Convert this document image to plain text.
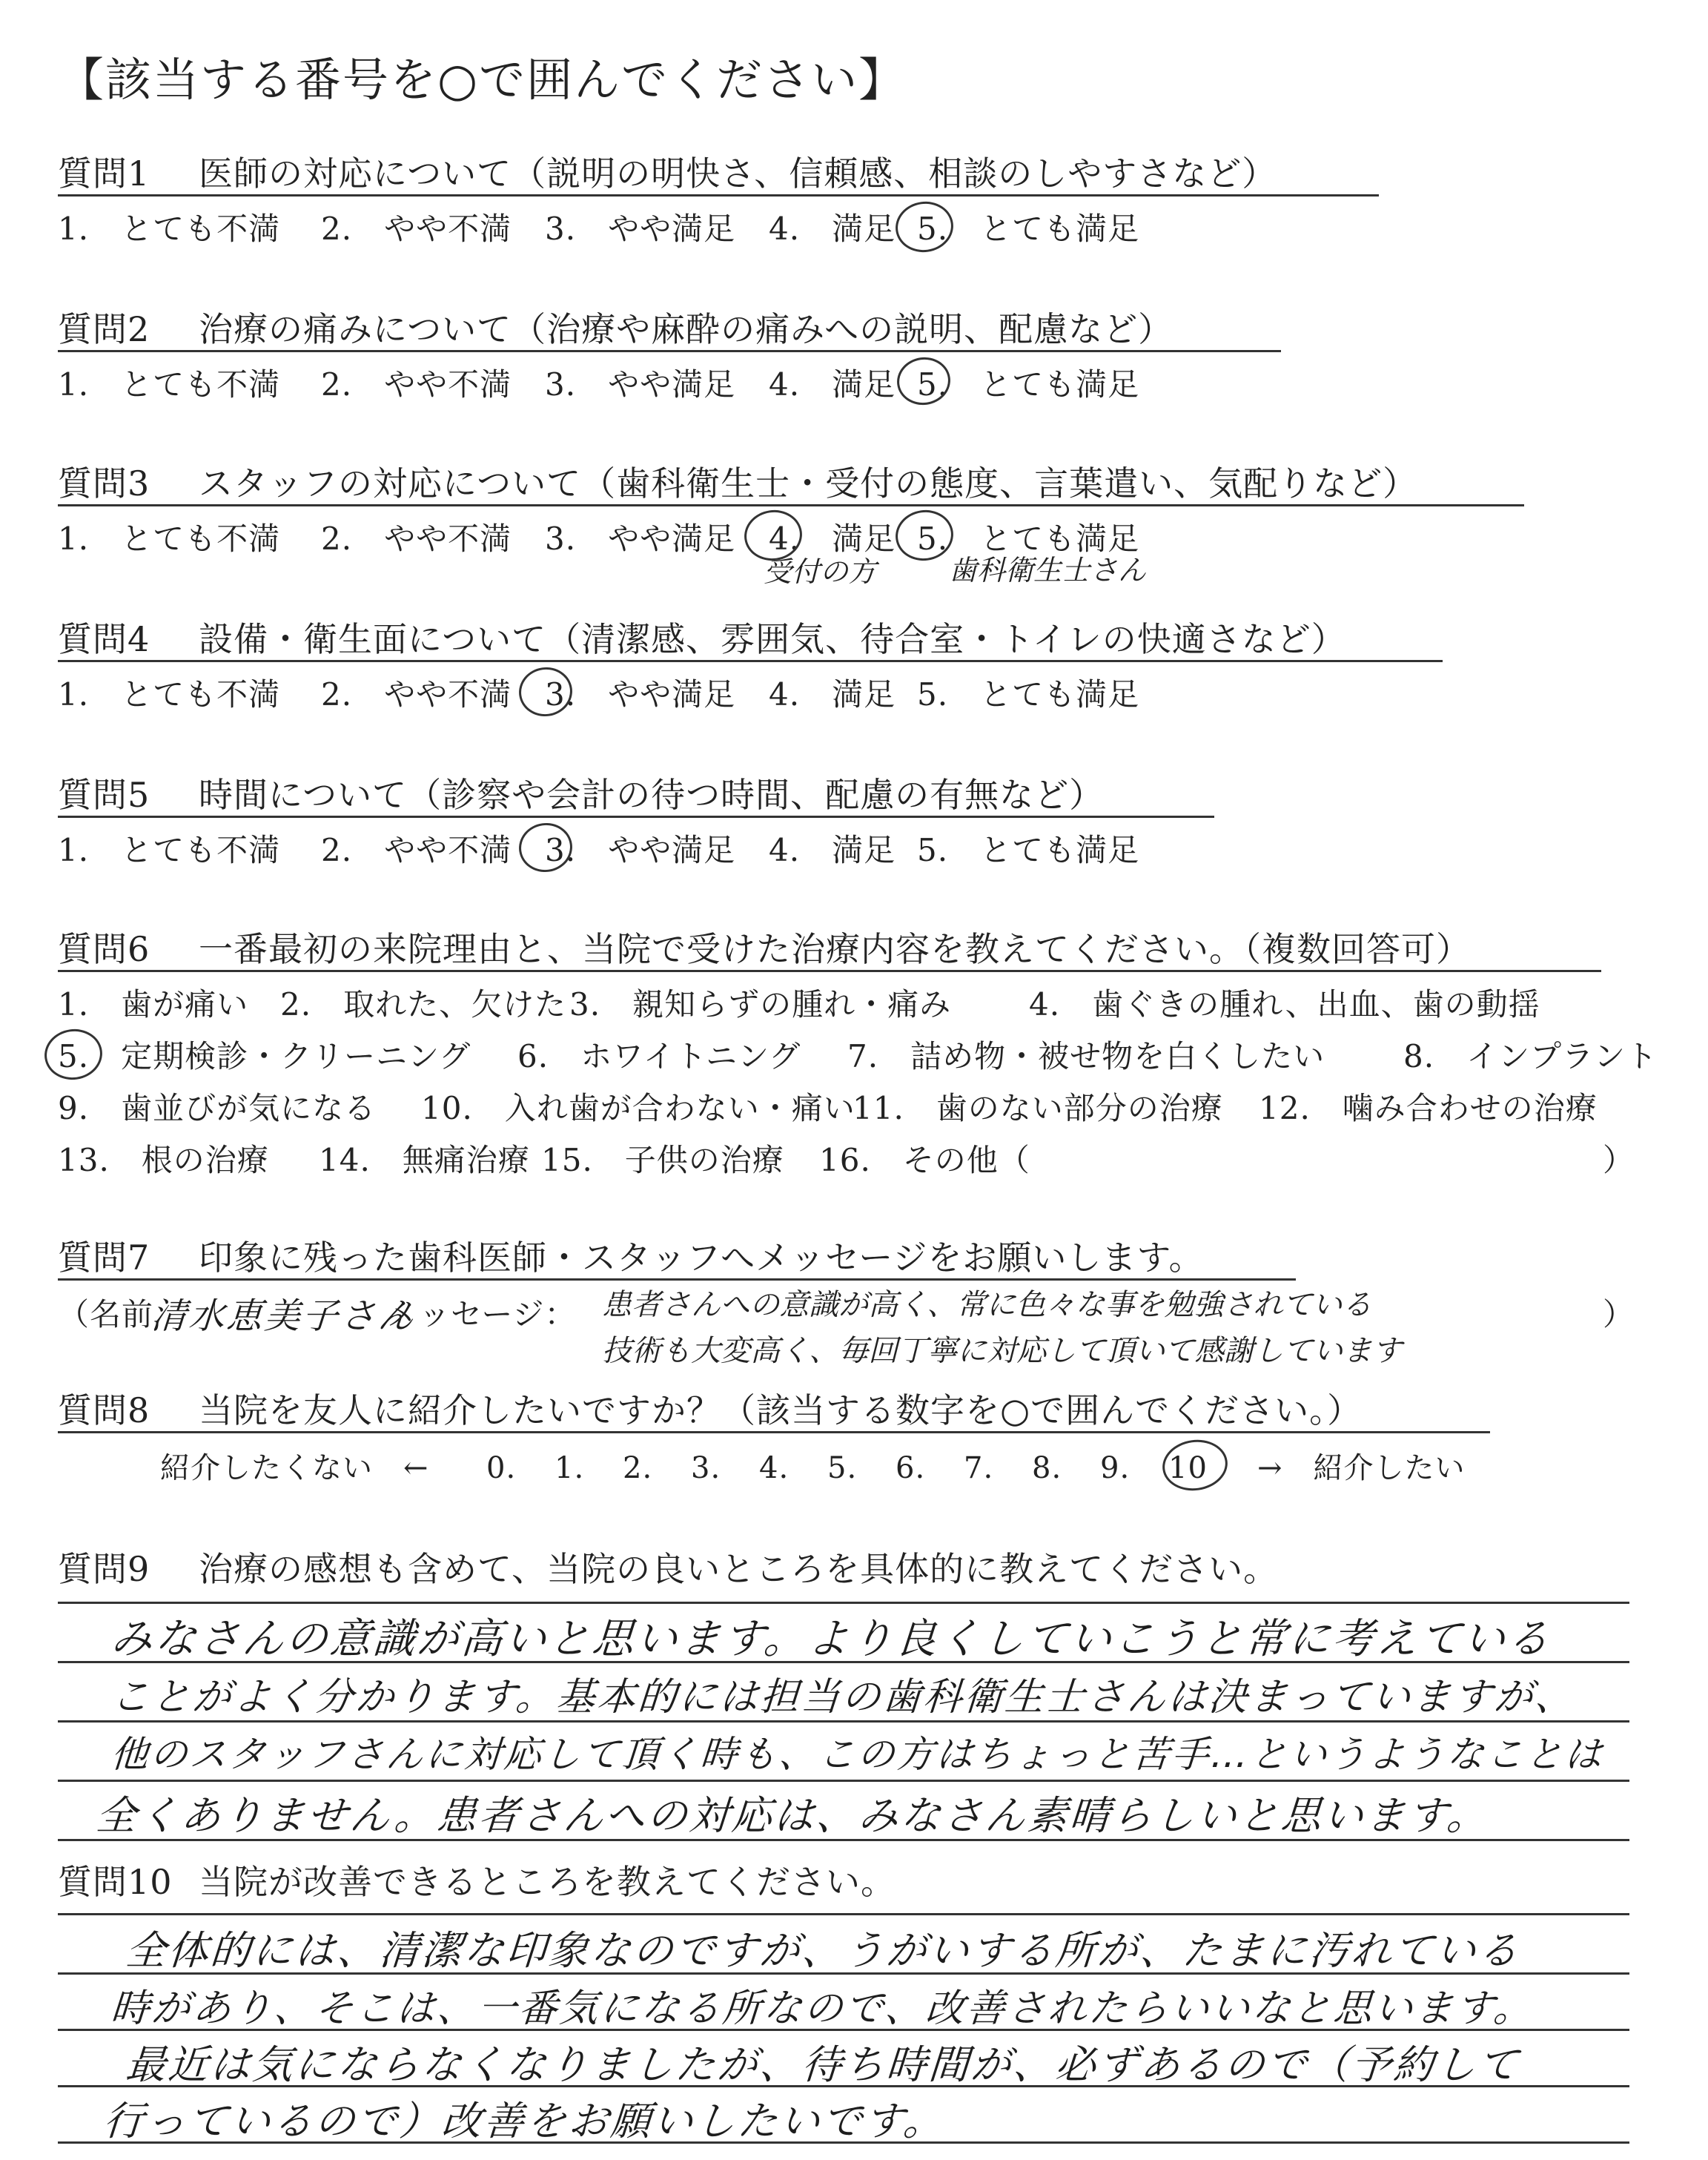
【該当する番号を○で囲んでください】
質問1 医師の対応について（説明の明快さ、信頼感、相談のしやすさなど）
1.　とても不満 2.　やや不満 3.　やや満足 4.　満足 5.　とても満足
質問2 治療の痛みについて（治療や麻酔の痛みへの説明、配慮など）
1.　とても不満 2.　やや不満 3.　やや満足 4.　満足 5.　とても満足
質問3 スタッフの対応について（歯科衛生士・受付の態度、言葉遣い、気配りなど）
1.　とても不満 2.　やや不満 3.　やや満足 4.　満足 5.　とても満足
受付の方	歯科衛生士さん
質問4 設備・衛生面について（清潔感、雰囲気、待合室・トイレの快適さなど）
1.　とても不満 2.　やや不満 3.　やや満足 4.　満足 5.　とても満足
質問5 時間について（診察や会計の待つ時間、配慮の有無など）
1.　とても不満 2.　やや不満 3.　やや満足 4.　満足 5.　とても満足
質問6 一番最初の来院理由と、当院で受けた治療内容を教えてください。（複数回答可）
1.　歯が痛い 2.　取れた、欠けた3.　親知らずの腫れ・痛み 4.　歯ぐきの腫れ、出血、歯の動揺
5.　定期検診・クリーニング 6.　ホワイトニング 7.　詰め物・被せ物を白くしたい	8.　インプラント
9.　歯並びが気になる 10.　入れ歯が合わない・痛い11.　歯のない部分の治療 12.　噛み合わせの治療
13.　根の治療 14.　無痛治療 15.　子供の治療 16.　その他（	）
質問7 印象に残った歯科医師・スタッフへメッセージをお願いします。
（名前
清水恵美子さん
メッセージ： 患者さんへの意識が高く、常に色々な事を勉強されている
技術も大変高く、毎回丁寧に対応して頂いて感謝しています
）
質問8 当院を友人に紹介したいですか？（該当する数字を○で囲んでください。）
紹介したくない　← 0. 1. 2. 3. 4. 5. 6. 7. 8. 9. 10 →　紹介したい
質問9 治療の感想も含めて、当院の良いところを具体的に教えてください。
みなさんの意識が高いと思います。より良くしていこうと常に考えている
ことがよく分かります。基本的には担当の歯科衛生士さんは決まっていますが、
他のスタッフさんに対応して頂く時も、この方はちょっと苦手…というようなことは
全くありません。患者さんへの対応は、みなさん素晴らしいと思います。
質問10 当院が改善できるところを教えてください。
全体的には、清潔な印象なのですが、うがいする所が、たまに汚れている
時があり、そこは、一番気になる所なので、改善されたらいいなと思います。
最近は気にならなくなりましたが、待ち時間が、必ずあるので（予約して
行っているので）改善をお願いしたいです。
